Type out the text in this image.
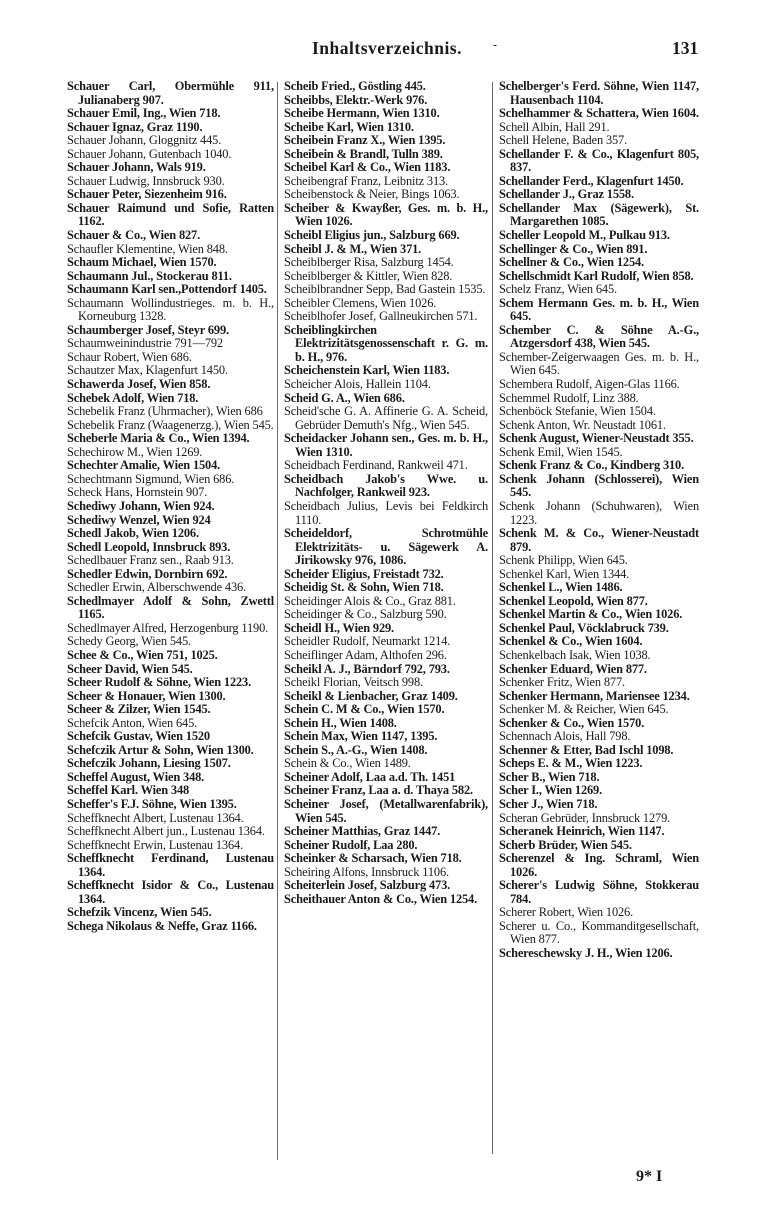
Inhaltsverzeichnis.	-	131
Schauer Carl, Obermühle 911, Julianaberg 907.
Schauer Emil, Ing., Wien 718.
Schauer Ignaz, Graz 1190.
Schauer Johann, Gloggnitz 445.
Schauer Johann, Gutenbach 1040.
Schauer Johann, Wals 919.
Schauer Ludwig, Innsbruck 930.
Schauer Peter, Siezenheim 916.
Schauer Raimund und Sofie, Ratten 1162.
Schauer & Co., Wien 827.
Schaufler Klementine, Wien 848.
Schaum Michael, Wien 1570.
Schaumann Jul., Stockerau 811.
Schaumann Karl sen.,Pottendorf 1405.
Schaumann Wollindustrieges. m. b. H., Korneuburg 1328.
Schaumberger Josef, Steyr 699.
Schaumweinindustrie 791—792
Schaur Robert, Wien 686.
Schautzer Max, Klagenfurt 1450.
Schawerda Josef, Wien 858.
Schebek Adolf, Wien 718.
Schebelik Franz (Uhrmacher), Wien 686
Schebelik Franz (Waagenerzg.), Wien 545.
Scheberle Maria & Co., Wien 1394.
Schechirow M., Wien 1269.
Schechter Amalie, Wien 1504.
Schechtmann Sigmund, Wien 686.
Scheck Hans, Hornstein 907.
Schediwy Johann, Wien 924.
Schediwy Wenzel, Wien 924
Schedl Jakob, Wien 1206.
Schedl Leopold, Innsbruck 893.
Schedlbauer Franz sen., Raab 913.
Schedler Edwin, Dornbirn 692.
Schedler Erwin, Alberschwende 436.
Schedlmayer Adolf & Sohn, Zwettl 1165.
Schedlmayer Alfred, Herzogenburg 1190.
Schedy Georg, Wien 545.
Schee & Co., Wien 751, 1025.
Scheer David, Wien 545.
Scheer Rudolf & Söhne, Wien 1223.
Scheer & Honauer, Wien 1300.
Scheer & Zilzer, Wien 1545.
Schefcik Anton, Wien 645.
Schefcik Gustav, Wien 1520
Schefczik Artur & Sohn, Wien 1300.
Schefczik Johann, Liesing 1507.
Scheffel August, Wien 348.
Scheffel Karl. Wien 348
Scheffer's F.J. Söhne, Wien 1395.
Scheffknecht Albert, Lustenau 1364.
Scheffknecht Albert jun., Lustenau 1364.
Scheffknecht Erwin, Lustenau 1364.
Scheffknecht Ferdinand, Lustenau 1364.
Scheffknecht Isidor & Co., Lustenau 1364.
Schefzik Vincenz, Wien 545.
Schega Nikolaus & Neffe, Graz 1166.
Scheib Fried., Göstling 445.
Scheibbs, Elektr.-Werk 976.
Scheibe Hermann, Wien 1310.
Scheibe Karl, Wien 1310.
Scheibein Franz X., Wien 1395.
Scheibein & Brandl, Tulln 389.
Scheibel Karl & Co., Wien 1183.
Scheibengraf Franz, Leibnitz 313.
Scheibenstock & Neier, Bings 1063.
Scheiber & Kwayßer, Ges. m. b. H., Wien 1026.
Scheibl Eligius jun., Salzburg 669.
Scheibl J. & M., Wien 371.
Scheiblberger Risa, Salzburg 1454.
Scheiblberger & Kittler, Wien 828.
Scheiblbrandner Sepp, Bad Gastein 1535.
Scheibler Clemens, Wien 1026.
Scheiblhofer Josef, Gallneukirchen 571.
Scheiblingkirchen Elektrizitätsgenossenschaft r. G. m. b. H., 976.
Scheichenstein Karl, Wien 1183.
Scheicher Alois, Hallein 1104.
Scheid G. A., Wien 686.
Scheid'sche G. A. Affinerie G. A. Scheid, Gebrüder Demuth's Nfg., Wien 545.
Scheidacker Johann sen., Ges. m. b. H., Wien 1310.
Scheidbach Ferdinand, Rankweil 471.
Scheidbach Jakob's Wwe. u. Nachfolger, Rankweil 923.
Scheidbach Julius, Levis bei Feldkirch 1110.
Scheideldorf, Schrotmühle Elektrizitäts- u. Sägewerk A. Jirikowsky 976, 1086.
Scheider Eligius, Freistadt 732.
Scheidig St. & Sohn, Wien 718.
Scheidinger Alois & Co., Graz 881.
Scheidinger & Co., Salzburg 590.
Scheidl H., Wien 929.
Scheidler Rudolf, Neumarkt 1214.
Scheiflinger Adam, Althofen 296.
Scheikl A. J., Bärndorf 792, 793.
Scheikl Florian, Veitsch 998.
Scheikl & Lienbacher, Graz 1409.
Schein C. M & Co., Wien 1570.
Schein H., Wien 1408.
Schein Max, Wien 1147, 1395.
Schein S., A.-G., Wien 1408.
Schein & Co., Wien 1489.
Scheiner Adolf, Laa a.d. Th. 1451
Scheiner Franz, Laa a. d. Thaya 582.
Scheiner Josef, (Metallwarenfabrik), Wien 545.
Scheiner Matthias, Graz 1447.
Scheiner Rudolf, Laa 280.
Scheinker & Scharsach, Wien 718.
Scheiring Alfons, Innsbruck 1106.
Scheiterlein Josef, Salzburg 473.
Scheithauer Anton & Co., Wien 1254.
Schelberger's Ferd. Söhne, Wien 1147, Hausenbach 1104.
Schelhammer & Schattera, Wien 1604.
Schell Albin, Hall 291.
Schell Helene, Baden 357.
Schellander F. & Co., Klagenfurt 805, 837.
Schellander Ferd., Klagenfurt 1450.
Schellander J., Graz 1558.
Schellander Max (Sägewerk), St. Margarethen 1085.
Scheller Leopold M., Pulkau 913.
Schellinger & Co., Wien 891.
Schellner & Co., Wien 1254.
Schellschmidt Karl Rudolf, Wien 858.
Schelz Franz, Wien 645.
Schem Hermann Ges. m. b. H., Wien 645.
Schember C. & Söhne A.-G., Atzgersdorf 438, Wien 545.
Schember-Zeigerwaagen Ges. m. b. H., Wien 645.
Schembera Rudolf, Aigen-Glas 1166.
Schemmel Rudolf, Linz 388.
Schenböck Stefanie, Wien 1504.
Schenk Anton, Wr. Neustadt 1061.
Schenk August, Wiener-Neustadt 355.
Schenk Emil, Wien 1545.
Schenk Franz & Co., Kindberg 310.
Schenk Johann (Schlosserei), Wien 545.
Schenk Johann (Schuhwaren), Wien 1223.
Schenk M. & Co., Wiener-Neustadt 879.
Schenk Philipp, Wien 645.
Schenkel Karl, Wien 1344.
Schenkel L., Wien 1486.
Schenkel Leopold, Wien 877.
Schenkel Martin & Co., Wien 1026.
Schenkel Paul, Vöcklabruck 739.
Schenkel & Co., Wien 1604.
Schenkelbach Isak, Wien 1038.
Schenker Eduard, Wien 877.
Schenker Fritz, Wien 877.
Schenker Hermann, Mariensee 1234.
Schenker M. & Reicher, Wien 645.
Schenker & Co., Wien 1570.
Schennach Alois, Hall 798.
Schenner & Etter, Bad Ischl 1098.
Scheps E. & M., Wien 1223.
Scher B., Wien 718.
Scher I., Wien 1269.
Scher J., Wien 718.
Scheran Gebrüder, Innsbruck 1279.
Scheranek Heinrich, Wien 1147.
Scherb Brüder, Wien 545.
Scherenzel & Ing. Schraml, Wien 1026.
Scherer's Ludwig Söhne, Stokkerau 784.
Scherer Robert, Wien 1026.
Scherer u. Co., Kommanditgesellschaft, Wien 877.
Schereschewsky J. H., Wien 1206.
9* I
